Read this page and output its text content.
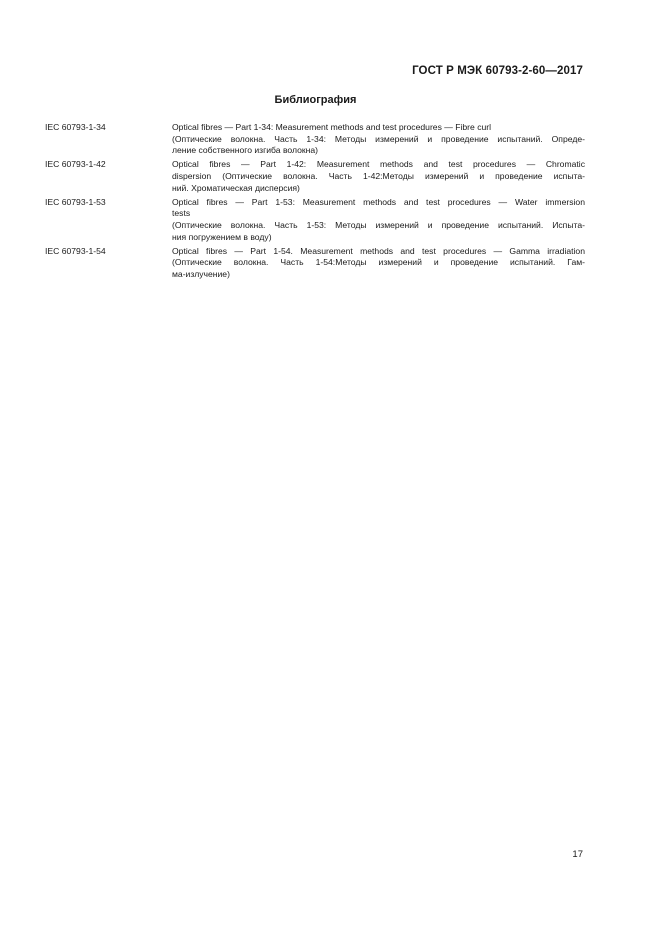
ГОСТ Р МЭК 60793-2-60—2017
Библиография
IEC 60793-1-34	Optical fibres — Part 1-34: Measurement methods and test procedures — Fibre curl
(Оптические волокна. Часть 1-34: Методы измерений и проведение испытаний. Опреде-
ление собственного изгиба волокна)
IEC 60793-1-42	Optical fibres — Part 1-42: Measurement methods and test procedures — Chromatic
dispersion (Оптические волокна. Часть 1-42:Методы измерений и проведение испыта-
ний. Хроматическая дисперсия)
IEC 60793-1-53	Optical fibres — Part 1-53: Measurement methods and test procedures — Water immersion
tests
(Оптические волокна. Часть 1-53: Методы измерений и проведение испытаний. Испыта-
ния погружением в воду)
IEC 60793-1-54	Optical fibres — Part 1-54. Measurement methods and test procedures — Gamma irradiation
(Оптические волокна. Часть 1-54:Методы измерений и проведение испытаний. Гам-
ма-излучение)
17
